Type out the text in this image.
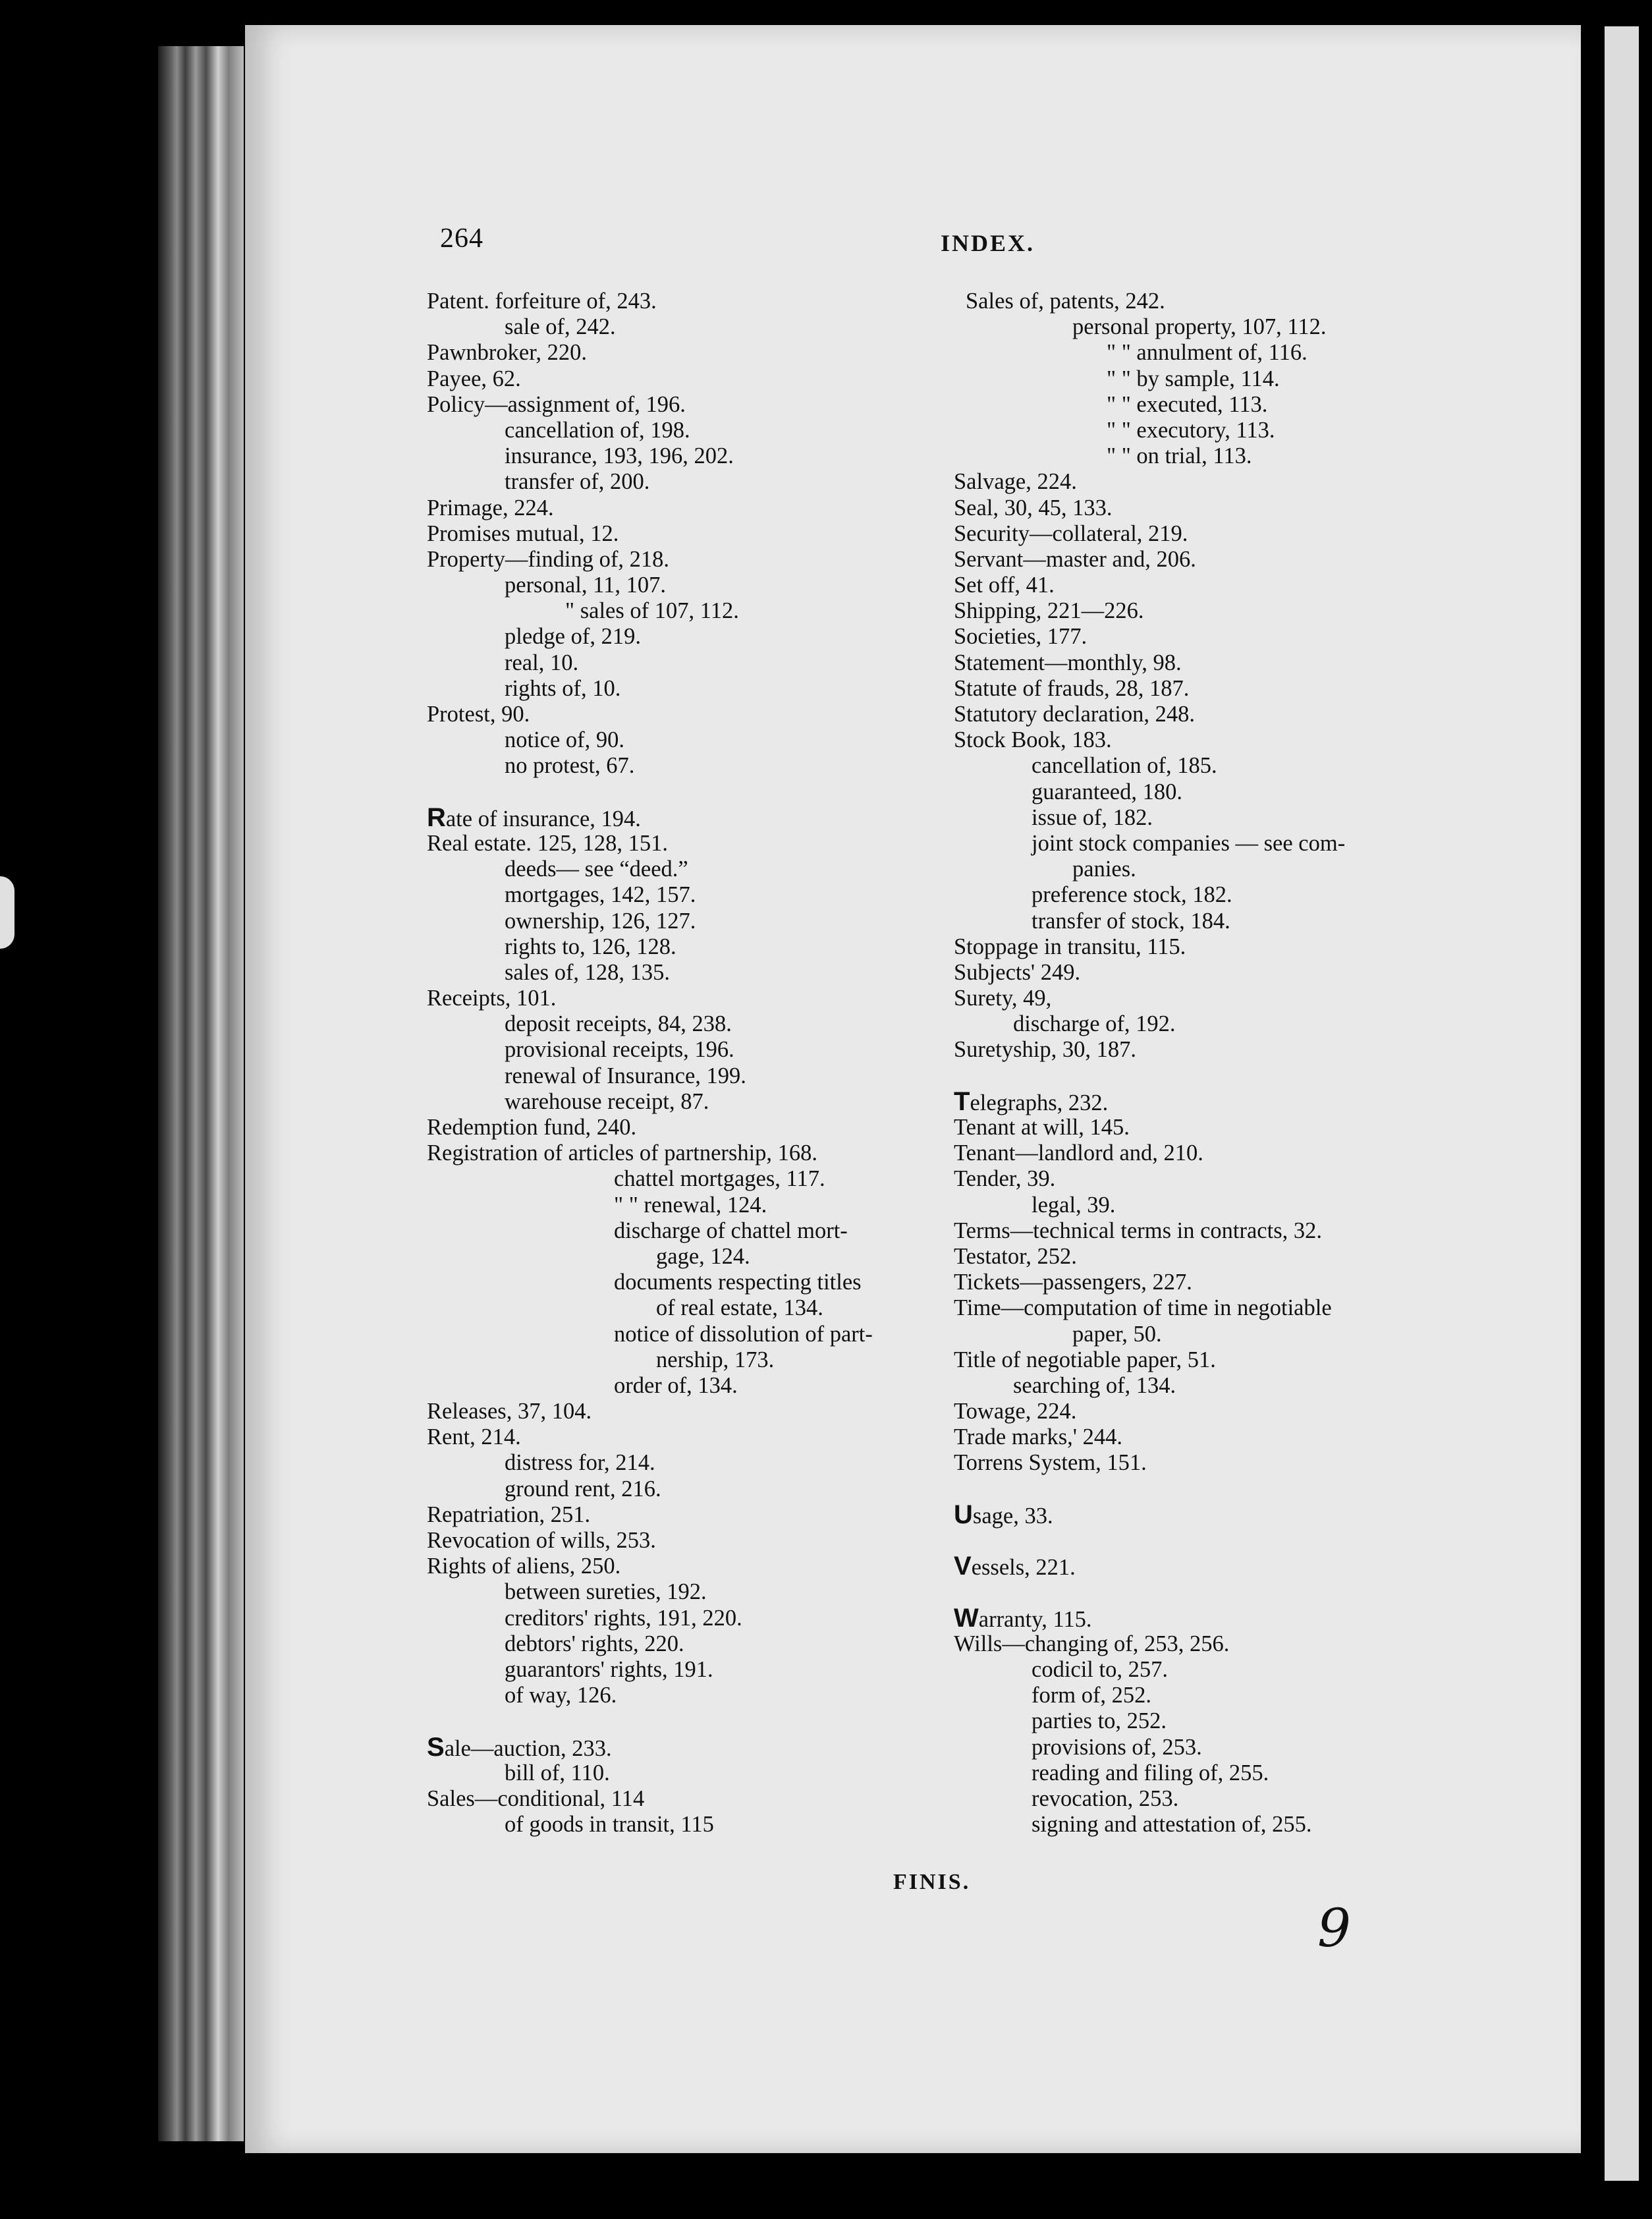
264	INDEX.
Patent. forfeiture of, 243.
sale of, 242.
Pawnbroker, 220.
Payee, 62.
Policy—assignment of, 196.
cancellation of, 198.
insurance, 193, 196, 202.
transfer of, 200.
Primage, 224.
Promises mutual, 12.
Property—finding of, 218.
personal, 11, 107.
" sales of 107, 112.
pledge of, 219.
real, 10.
rights of, 10.
Protest, 90.
notice of, 90.
no protest, 67.
Rate of insurance, 194.
Real estate. 125, 128, 151.
deeds— see “deed.”
mortgages, 142, 157.
ownership, 126, 127.
rights to, 126, 128.
sales of, 128, 135.
Receipts, 101.
deposit receipts, 84, 238.
provisional receipts, 196.
renewal of Insurance, 199.
warehouse receipt, 87.
Redemption fund, 240.
Registration of articles of partnership, 168.
chattel mortgages, 117.
" " renewal, 124.
discharge of chattel mort-
gage, 124.
documents respecting titles
of real estate, 134.
notice of dissolution of part-
nership, 173.
order of, 134.
Releases, 37, 104.
Rent, 214.
distress for, 214.
ground rent, 216.
Repatriation, 251.
Revocation of wills, 253.
Rights of aliens, 250.
between sureties, 192.
creditors' rights, 191, 220.
debtors' rights, 220.
guarantors' rights, 191.
of way, 126.
Sale—auction, 233.
bill of, 110.
Sales—conditional, 114
of goods in transit, 115
Sales of, patents, 242.
personal property, 107, 112.
" " annulment of, 116.
" " by sample, 114.
" " executed, 113.
" " executory, 113.
" " on trial, 113.
Salvage, 224.
Seal, 30, 45, 133.
Security—collateral, 219.
Servant—master and, 206.
Set off, 41.
Shipping, 221—226.
Societies, 177.
Statement—monthly, 98.
Statute of frauds, 28, 187.
Statutory declaration, 248.
Stock Book, 183.
cancellation of, 185.
guaranteed, 180.
issue of, 182.
joint stock companies — see com-
panies.
preference stock, 182.
transfer of stock, 184.
Stoppage in transitu, 115.
Subjects' 249.
Surety, 49,
discharge of, 192.
Suretyship, 30, 187.
Telegraphs, 232.
Tenant at will, 145.
Tenant—landlord and, 210.
Tender, 39.
legal, 39.
Terms—technical terms in contracts, 32.
Testator, 252.
Tickets—passengers, 227.
Time—computation of time in negotiable
paper, 50.
Title of negotiable paper, 51.
searching of, 134.
Towage, 224.
Trade marks,' 244.
Torrens System, 151.
Usage, 33.
Vessels, 221.
Warranty, 115.
Wills—changing of, 253, 256.
codicil to, 257.
form of, 252.
parties to, 252.
provisions of, 253.
reading and filing of, 255.
revocation, 253.
signing and attestation of, 255.
FINIS.
9
